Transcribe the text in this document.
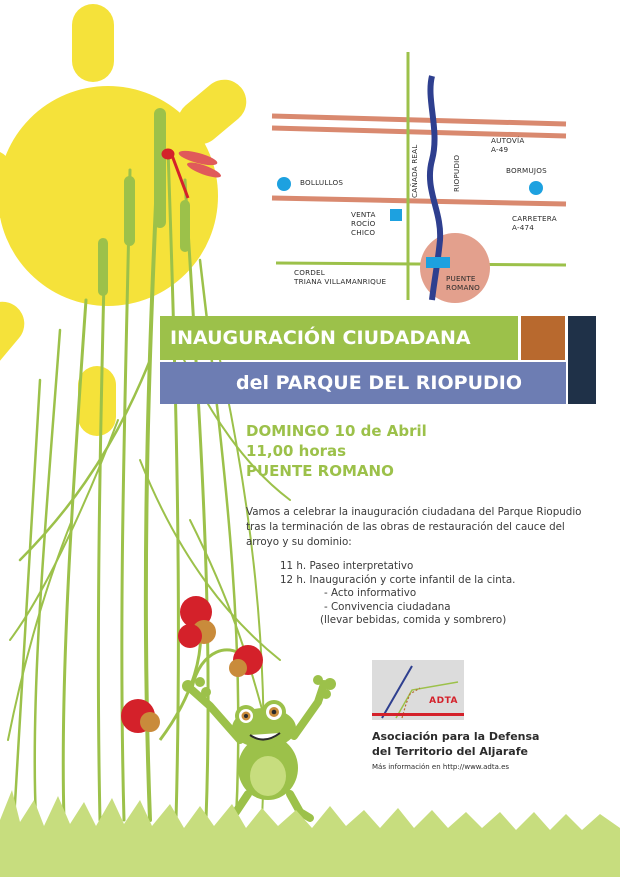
AUTOVÍA
A-49
BOLLULLOS	CAÑADA REAL	RIOPUDIO	BORMUJOS
VENTA
ROCÍO
CHICO
CARRETERA
A-474
CORDEL
TRIANA VILLAMANRIQUE	PUENTE
ROMANO
INAUGURACIÓN CIUDADANA
del PARQUE DEL RIOPUDIO
DOMINGO 10 de Abril
11,00 horas
PUENTE ROMANO
Vamos a celebrar la inauguración ciudadana del Parque Riopudio tras la terminación de las obras de restauración del cauce del arroyo y su dominio:
11 h. Paseo interpretativo
12 h. Inauguración y corte infantil de la cinta.
- Acto informativo
- Convivencia ciudadana
(llevar bebidas, comida y sombrero)
ADTA
Asociación para la Defensa
del Territorio del Aljarafe
Más información en http://www.adta.es
